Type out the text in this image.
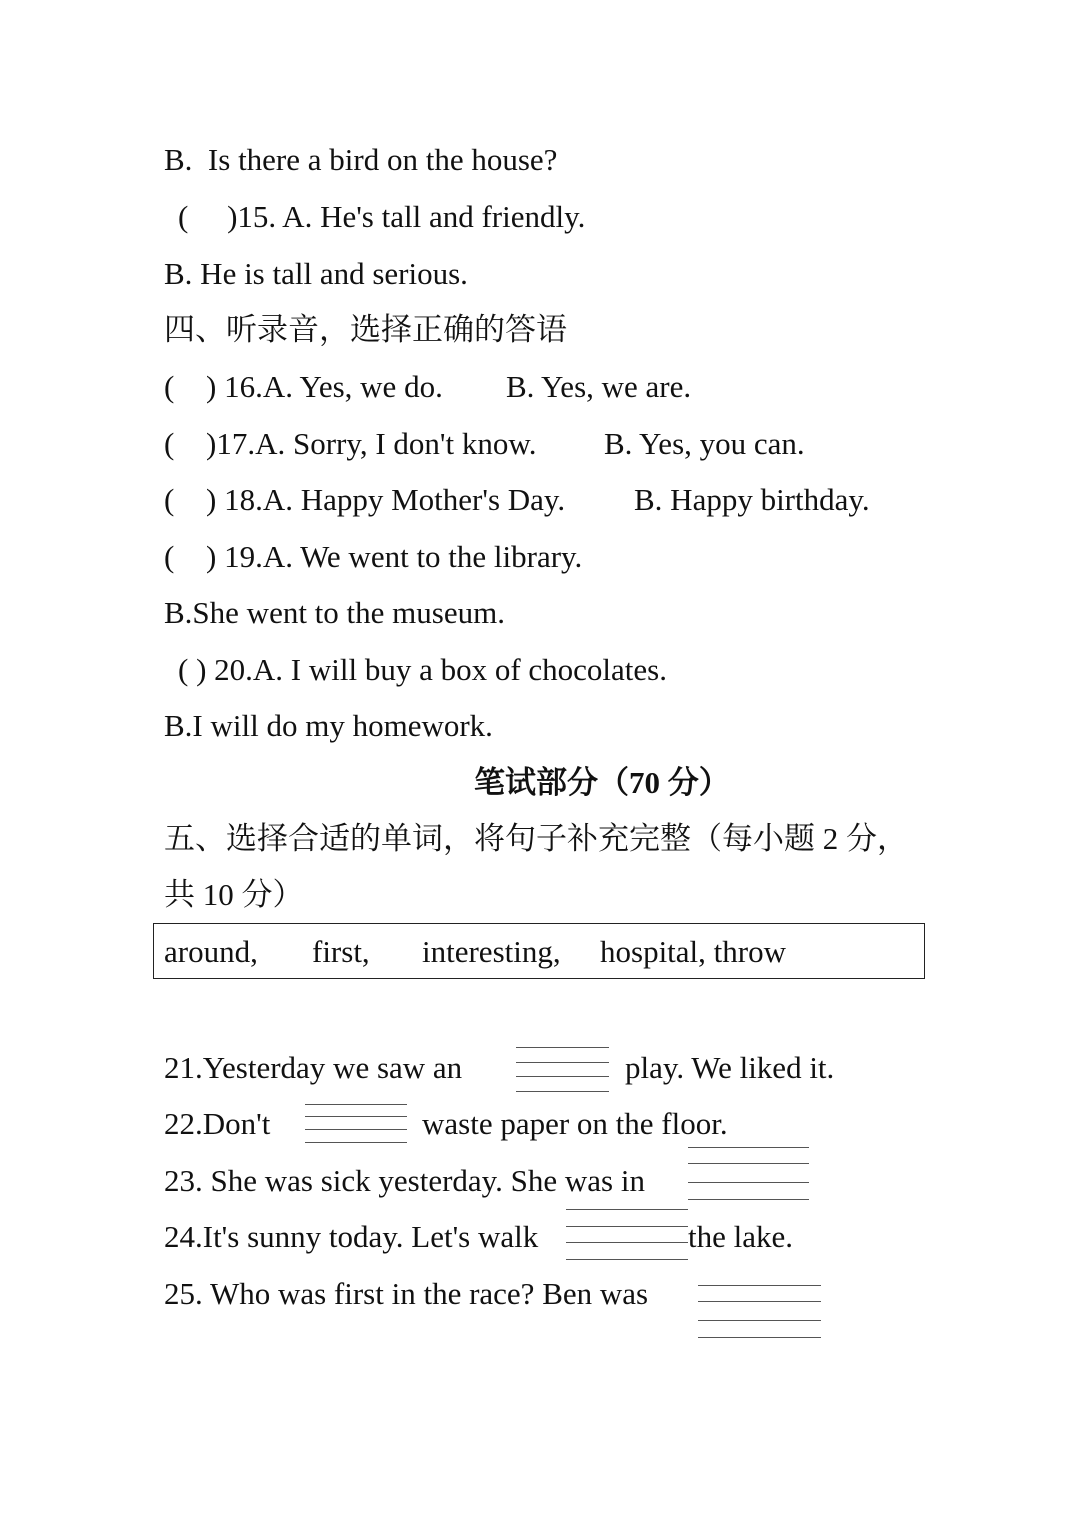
B.  Is there a bird on the house?
(     )15. A. He's tall and friendly.
B. He is tall and serious.
四、听录音，选择正确的答语
( ) 16.A. Yes, we do. B. Yes, we are.
( )17.A. Sorry, I don't know. B. Yes, you can.
( ) 18.A. Happy Mother's Day. B. Happy birthday.
( ) 19.A. We went to the library.
B.She went to the museum.
( ) 20.A. I will buy a box of chocolates.
B.I will do my homework.
笔试部分（70 分）
五、选择合适的单词，将句子补充完整（每小题 2 分，
共 10 分）
around, first, interesting, hospital, throw
21.Yesterday we saw an	play. We liked it.
22.Don't	waste paper on the floor.
23. She was sick yesterday. She was in
24.It's sunny today. Let's walk	the lake.
25. Who was first in the race? Ben was
